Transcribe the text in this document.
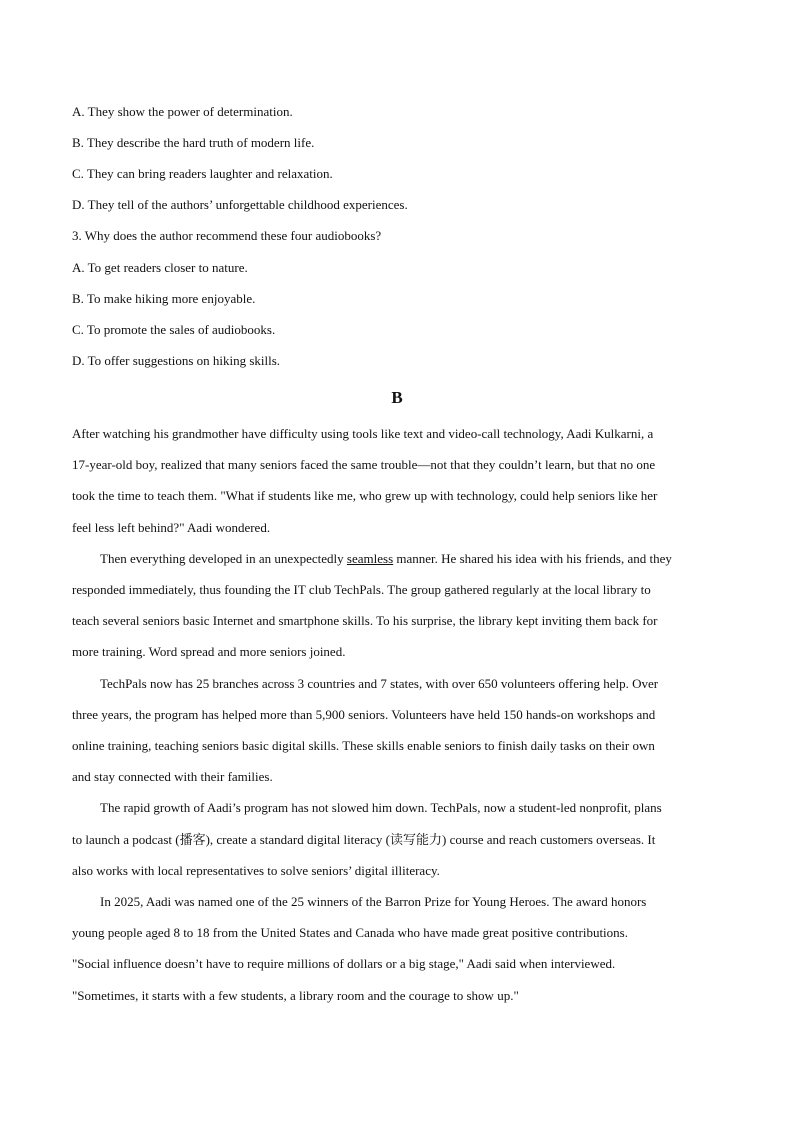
A. They show the power of determination.
B. They describe the hard truth of modern life.
C. They can bring readers laughter and relaxation.
D. They tell of the authors’ unforgettable childhood experiences.
3. Why does the author recommend these four audiobooks?
A. To get readers closer to nature.
B. To make hiking more enjoyable.
C. To promote the sales of audiobooks.
D. To offer suggestions on hiking skills.
B
After watching his grandmother have difficulty using tools like text and video-call technology, Aadi Kulkarni, a
17-year-old boy, realized that many seniors faced the same trouble—not that they couldn’t learn, but that no one
took the time to teach them. "What if students like me, who grew up with technology, could help seniors like her
feel less left behind?" Aadi wondered.
Then everything developed in an unexpectedly seamless manner. He shared his idea with his friends, and they
responded immediately, thus founding the IT club TechPals. The group gathered regularly at the local library to
teach several seniors basic Internet and smartphone skills. To his surprise, the library kept inviting them back for
more training. Word spread and more seniors joined.
TechPals now has 25 branches across 3 countries and 7 states, with over 650 volunteers offering help. Over
three years, the program has helped more than 5,900 seniors. Volunteers have held 150 hands-on workshops and
online training, teaching seniors basic digital skills. These skills enable seniors to finish daily tasks on their own
and stay connected with their families.
The rapid growth of Aadi’s program has not slowed him down. TechPals, now a student-led nonprofit, plans
to launch a podcast (播客), create a standard digital literacy (读写能力) course and reach customers overseas. It
also works with local representatives to solve seniors’ digital illiteracy.
In 2025, Aadi was named one of the 25 winners of the Barron Prize for Young Heroes. The award honors
young people aged 8 to 18 from the United States and Canada who have made great positive contributions.
"Social influence doesn’t have to require millions of dollars or a big stage," Aadi said when interviewed.
"Sometimes, it starts with a few students, a library room and the courage to show up."
